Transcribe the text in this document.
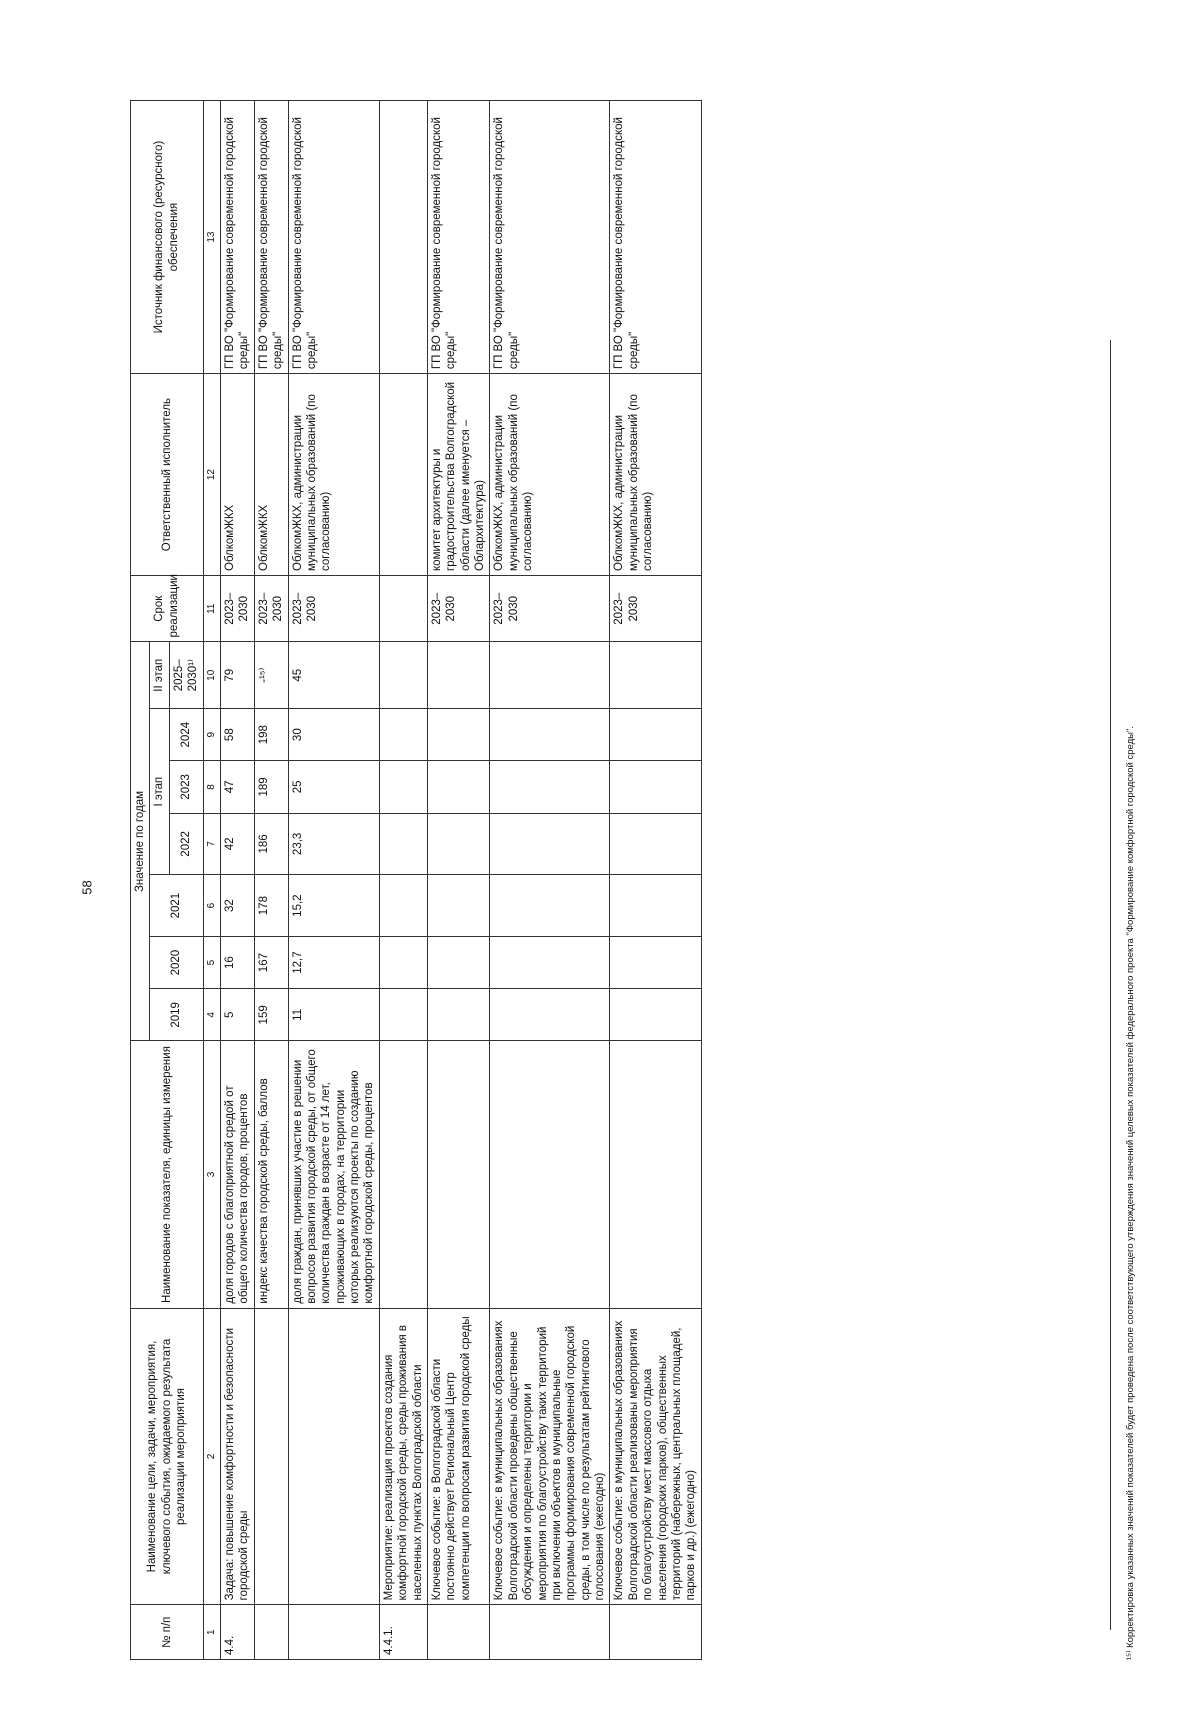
58
№ п/п	Наименование цели, задачи, мероприятия, ключевого события, ожидаемого результата реализации мероприятия	Наименование показателя, единицы измерения	Значение по годам							Срок реализации	Ответственный исполнитель	Источник финансового (ресурсного) обеспечения
			2019	2020	2021	I этап			II этап			
						2022	2023	2024	2025–2030¹⁾			
1	2	3	4	5	6	7	8	9	10	11	12	13
4.4.	Задача: повышение комфортности и безопасности городской среды	доля городов с благоприятной средой от общего количества городов, процентов	5	16	32	42	47	58	79	2023–2030	ОблкомЖКХ	ГП ВО "Формирование современной городской среды"
		индекс качества городской среды, баллов	159	167	178	186	189	198	-¹⁵⁾	2023–2030	ОблкомЖКХ	ГП ВО "Формирование современной городской среды"
		доля граждан, принявших участие в решении вопросов развития городской среды, от общего количества граждан в возрасте от 14 лет, проживающих в городах, на территории которых реализуются проекты по созданию комфортной городской среды, процентов	11	12,7	15,2	23,3	25	30	45	2023–2030	ОблкомЖКХ, администрации муниципальных образований (по согласованию)	ГП ВО "Формирование современной городской среды"
4.4.1.	Мероприятие: реализация проектов создания комфортной городской среды, среды проживания в населенных пунктах Волгоградской области											
	Ключевое событие: в Волгоградской области постоянно действует Региональный Центр компетенции по вопросам развития городской среды									2023–2030	комитет архитектуры и градостроительства Волгоградской области (далее именуется – Облархитектура)	ГП ВО "Формирование современной городской среды"
	Ключевое событие: в муниципальных образованиях Волгоградской области проведены общественные обсуждения и определены территории и мероприятия по благоустройству таких территорий при включении объектов в муниципальные программы формирования современной городской среды, в том числе по результатам рейтингового голосования (ежегодно)									2023–2030	ОблкомЖКХ, администрации муниципальных образований (по согласованию)	ГП ВО "Формирование современной городской среды"
	Ключевое событие: в муниципальных образованиях Волгоградской области реализованы мероприятия по благоустройству мест массового отдыха населения (городских парков), общественных территорий (набережных, центральных площадей, парков и др.) (ежегодно)									2023–2030	ОблкомЖКХ, администрации муниципальных образований (по согласованию)	ГП ВО "Формирование современной городской среды"
¹⁵⁾ Корректировка указанных значений показателей будет проведена после соответствующего утверждения значений целевых показателей федерального проекта "Формирование комфортной городской среды".
